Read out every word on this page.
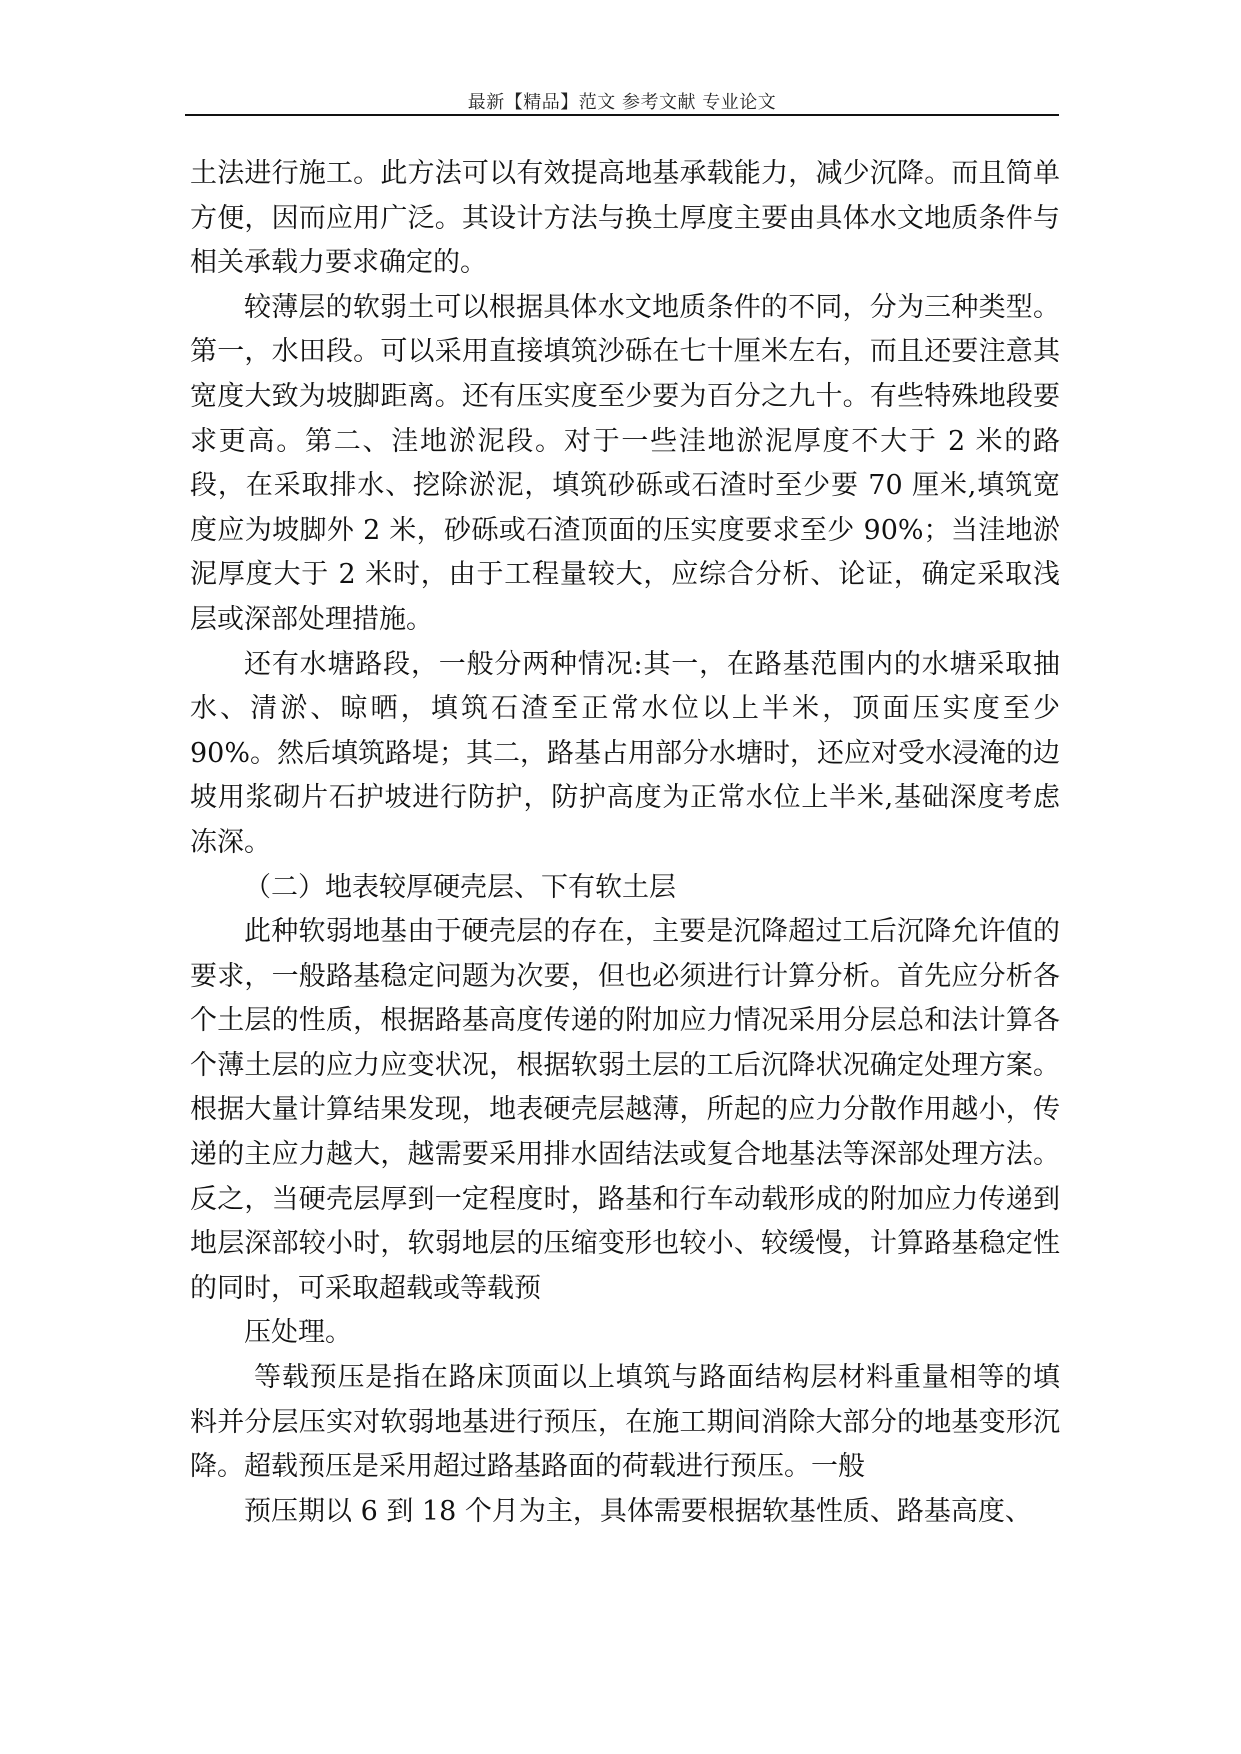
最新【精品】范文 参考文献 专业论文

土法进行施工。此方法可以有效提高地基承载能力，减少沉降。而且简单方便，因而应用广泛。其设计方法与换土厚度主要由具体水文地质条件与相关承载力要求确定的。

较薄层的软弱土可以根据具体水文地质条件的不同，分为三种类型。第一，水田段。可以采用直接填筑沙砾在七十厘米左右，而且还要注意其宽度大致为坡脚距离。还有压实度至少要为百分之九十。有些特殊地段要求更高。第二、洼地淤泥段。对于一些洼地淤泥厚度不大于 2 米的路段，在采取排水、挖除淤泥，填筑砂砾或石渣时至少要 70 厘米,填筑宽度应为坡脚外 2 米，砂砾或石渣顶面的压实度要求至少 90%；当洼地淤泥厚度大于 2 米时，由于工程量较大，应综合分析、论证，确定采取浅层或深部处理措施。

还有水塘路段，一般分两种情况:其一，在路基范围内的水塘采取抽水、清淤、晾晒，填筑石渣至正常水位以上半米，顶面压实度至少 90%。然后填筑路堤；其二，路基占用部分水塘时，还应对受水浸淹的边坡用浆砌片石护坡进行防护，防护高度为正常水位上半米,基础深度考虑冻深。

（二）地表较厚硬壳层、下有软土层

此种软弱地基由于硬壳层的存在，主要是沉降超过工后沉降允许值的要求，一般路基稳定问题为次要，但也必须进行计算分析。首先应分析各个土层的性质，根据路基高度传递的附加应力情况采用分层总和法计算各个薄土层的应力应变状况，根据软弱土层的工后沉降状况确定处理方案。根据大量计算结果发现，地表硬壳层越薄，所起的应力分散作用越小，传递的主应力越大，越需要采用排水固结法或复合地基法等深部处理方法。反之，当硬壳层厚到一定程度时，路基和行车动载形成的附加应力传递到地层深部较小时，软弱地层的压缩变形也较小、较缓慢，计算路基稳定性的同时，可采取超载或等载预

压处理。

等载预压是指在路床顶面以上填筑与路面结构层材料重量相等的填料并分层压实对软弱地基进行预压，在施工期间消除大部分的地基变形沉降。超载预压是采用超过路基路面的荷载进行预压。一般

预压期以 6 到 18 个月为主，具体需要根据软基性质、路基高度、
